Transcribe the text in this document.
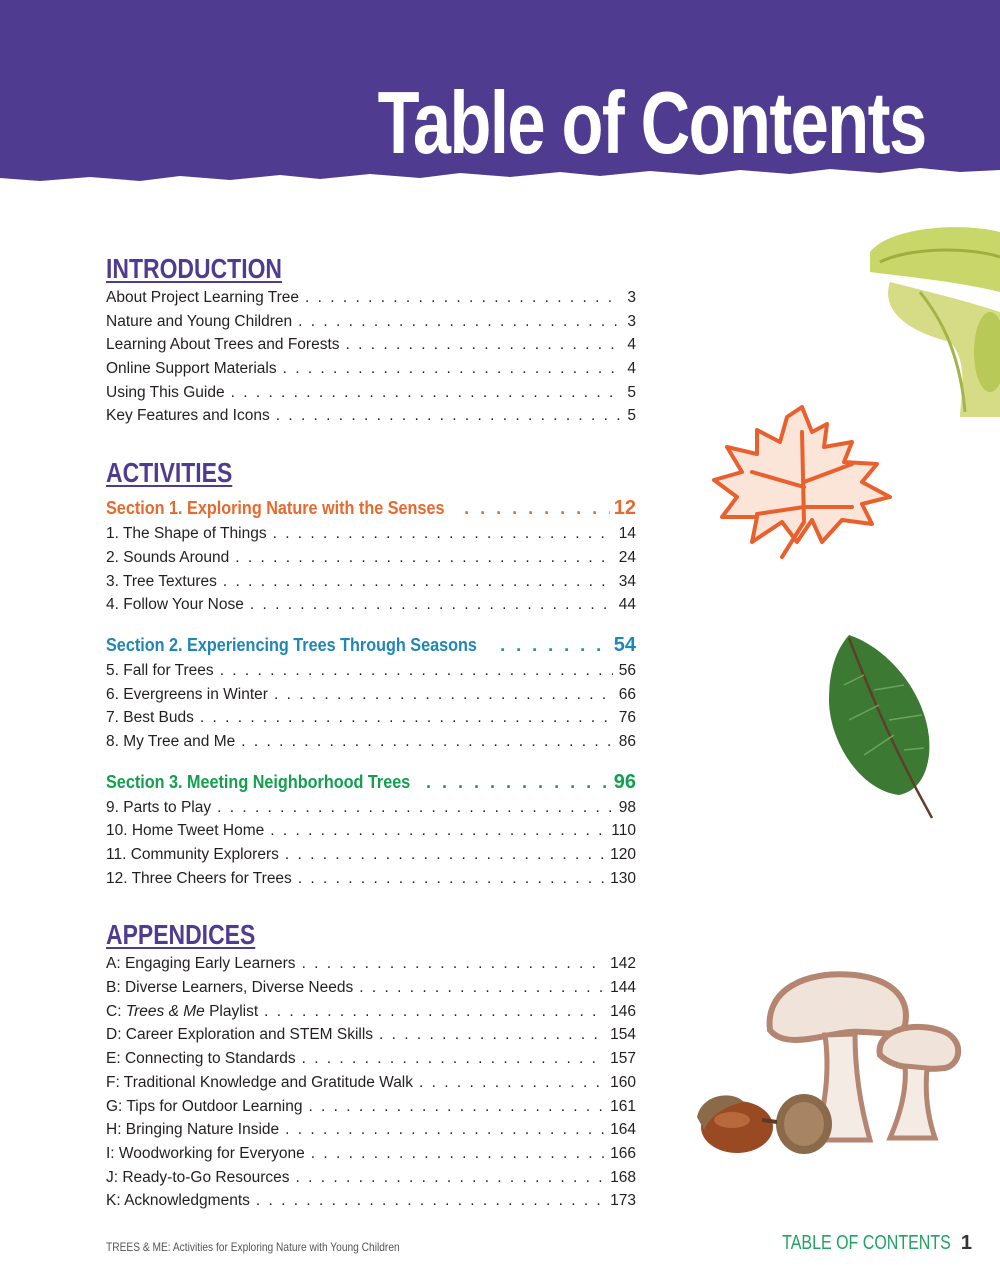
Table of Contents
INTRODUCTION
About Project Learning Tree . . .	3
Nature and Young Children . . .	3
Learning About Trees and Forests . . .	4
Online Support Materials . . .	4
Using This Guide . . .	5
Key Features and Icons . . .	5
ACTIVITIES
Section 1. Exploring Nature with the Senses . . .	12
1. The Shape of Things . . .	14
2. Sounds Around . . .	24
3. Tree Textures . . .	34
4. Follow Your Nose . . .	44
Section 2. Experiencing Trees Through Seasons . . .	54
5. Fall for Trees . . .	56
6. Evergreens in Winter . . .	66
7. Best Buds . . .	76
8. My Tree and Me . . .	86
Section 3. Meeting Neighborhood Trees . . .	96
9. Parts to Play . . .	98
10. Home Tweet Home . . .	110
11. Community Explorers . . .	120
12. Three Cheers for Trees . . .	130
APPENDICES
A: Engaging Early Learners . . .	142
B: Diverse Learners, Diverse Needs . . .	144
C: Trees & Me Playlist . . .	146
D: Career Exploration and STEM Skills . . .	154
E: Connecting to Standards . . .	157
F: Traditional Knowledge and Gratitude Walk . . .	160
G: Tips for Outdoor Learning . . .	161
H: Bringing Nature Inside . . .	164
I: Woodworking for Everyone . . .	166
J: Ready-to-Go Resources . . .	168
K: Acknowledgments . . .	173
TREES & ME: Activities for Exploring Nature with Young Children	TABLE OF CONTENTS 1
